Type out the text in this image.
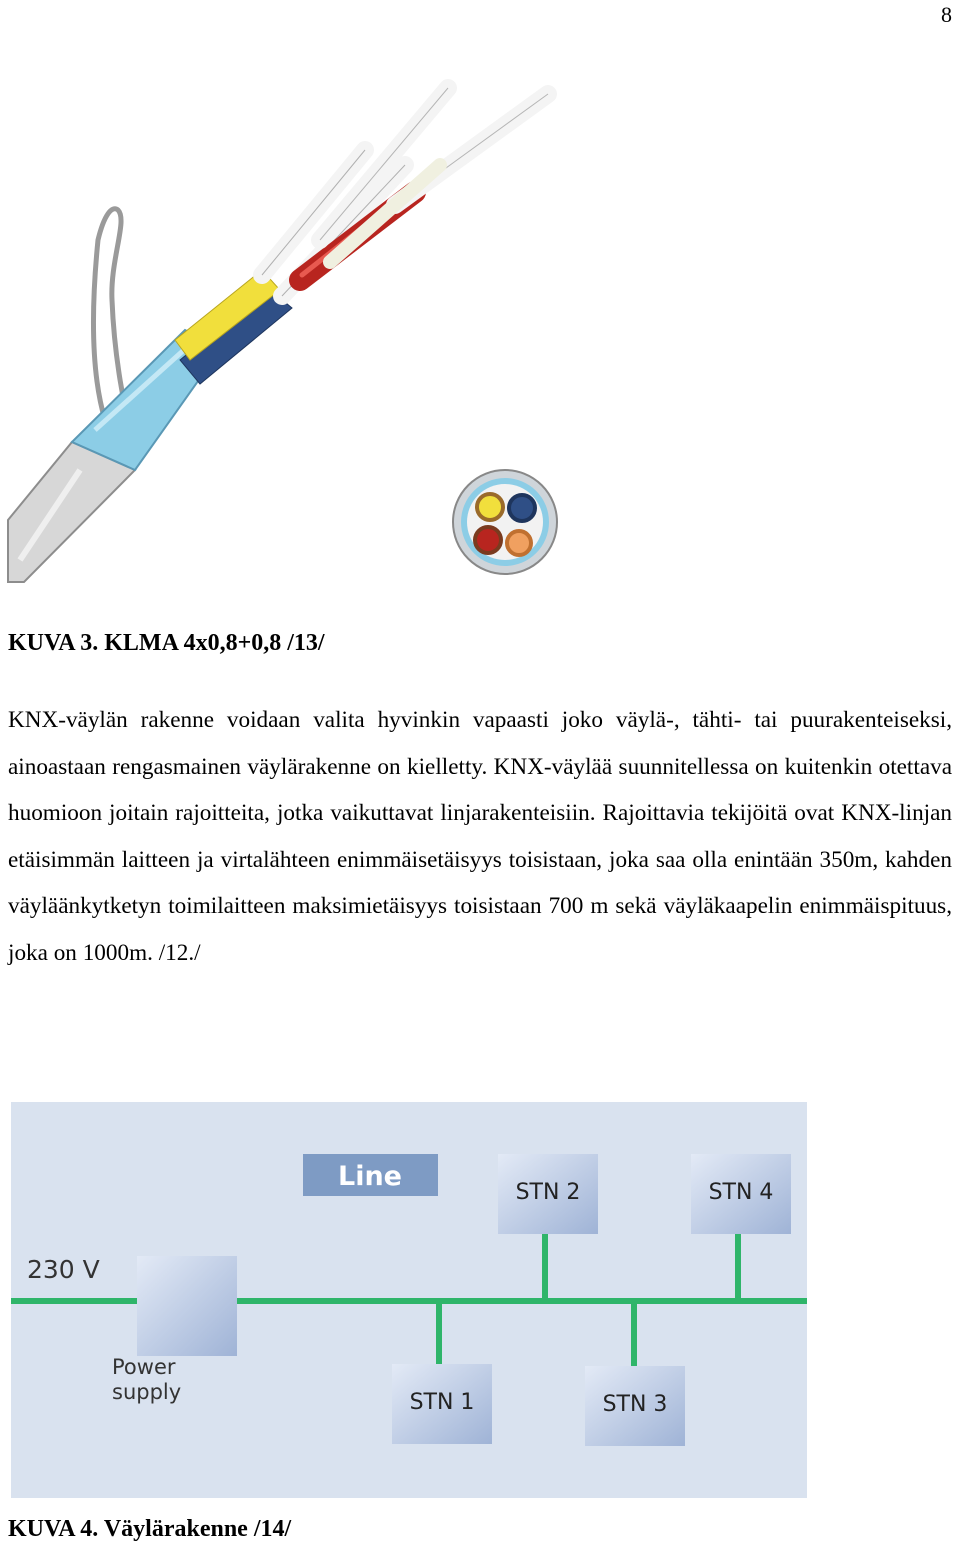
8

KUVA 3. KLMA 4x0,8+0,8 /13/

KNX-väylän rakenne voidaan valita hyvinkin vapaasti joko väylä-, tähti- tai puurakenteiseksi, ainoastaan rengasmainen väylärakenne on kielletty. KNX-väylää suunnitellessa on kuitenkin otettava huomioon joitain rajoitteita, jotka vaikuttavat linjarakenteisiin. Rajoittavia tekijöitä ovat KNX-linjan etäisimmän laitteen ja virtalähteen enimmäisetäisyys toisistaan, joka saa olla enintään 350m, kahden väyläänkytketyn toimilaitteen maksimietäisyys toisistaan 700 m sekä väyläkaapelin enimmäispituus, joka on 1000m. /12./

Line
230 V
Power
supply
STN 2	STN 4
STN 1	STN 3

KUVA 4. Väylärakenne /14/
